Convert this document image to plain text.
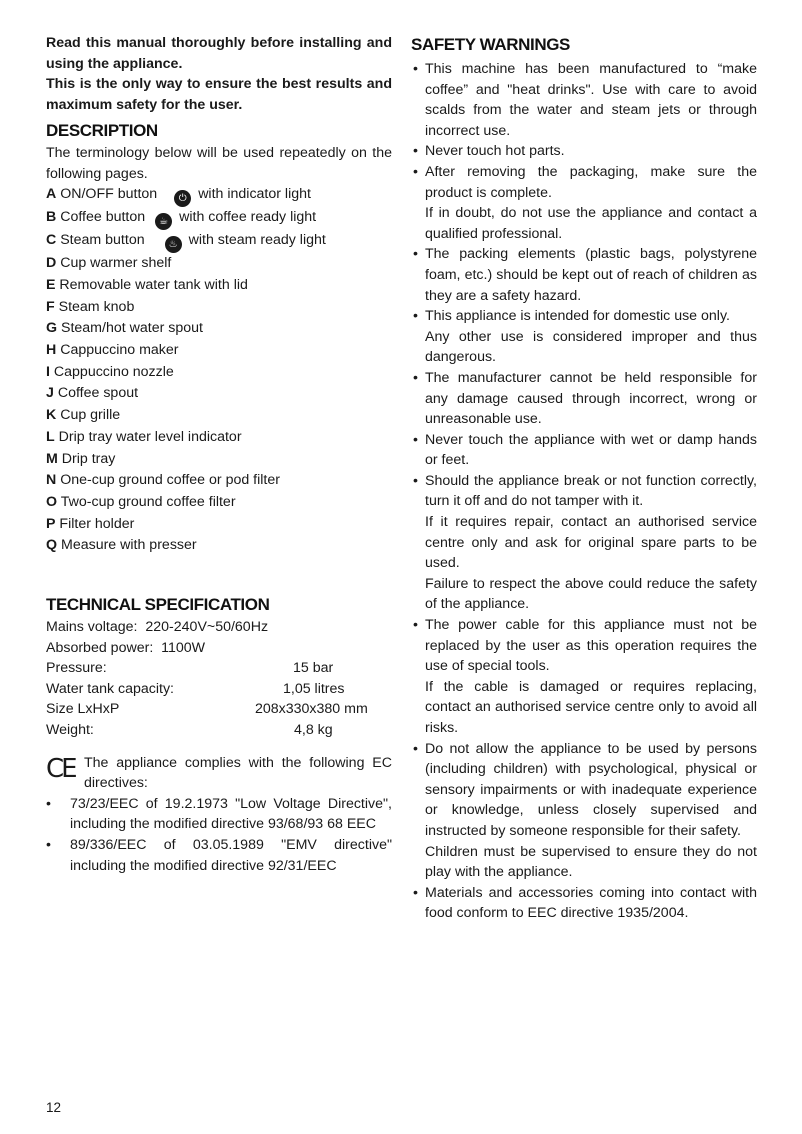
Read this manual thoroughly before installing and using the appliance.

This is the only way to ensure the best results and maximum safety for the user.

DESCRIPTION

The terminology below will be used repeatedly on the following pages.

A ON/OFF button ⏻ with indicator light
B Coffee button ☕ with coffee ready light
C Steam button ♨ with steam ready light
D Cup warmer shelf
E Removable water tank with lid
F Steam knob
G Steam/hot water spout
H Cappuccino maker
I Cappuccino nozzle
J Coffee spout
K Cup grille
L Drip tray water level indicator
M Drip tray
N One-cup ground coffee or pod filter
O Two-cup ground coffee filter
P Filter holder
Q Measure with presser
TECHNICAL SPECIFICATION
Mains voltage: 220-240V~50/60Hz
Absorbed power: 1100W
Pressure:	15 bar
Water tank capacity:	1,05 litres
Size LxHxP	208x330x380 mm
Weight:	4,8 kg
CE The appliance complies with the following EC directives:

• 73/23/EEC of 19.2.1973 "Low Voltage Directive", including the modified directive 93/68/93 68 EEC
• 89/336/EEC of 03.05.1989 "EMV directive" including the modified directive 92/31/EEC
SAFETY WARNINGS
• This machine has been manufactured to “make coffee” and "heat drinks". Use with care to avoid scalds from the water and steam jets or through incorrect use.
• Never touch hot parts.
• After removing the packaging, make sure the product is complete.
If in doubt, do not use the appliance and contact a qualified professional.
• The packing elements (plastic bags, polystyrene foam, etc.) should be kept out of reach of children as they are a safety hazard.
• This appliance is intended for domestic use only.
Any other use is considered improper and thus dangerous.
• The manufacturer cannot be held responsible for any damage caused through incorrect, wrong or unreasonable use.
• Never touch the appliance with wet or damp hands or feet.
• Should the appliance break or not function correctly, turn it off and do not tamper with it.
If it requires repair, contact an authorised service centre only and ask for original spare parts to be used.
Failure to respect the above could reduce the safety of the appliance.
• The power cable for this appliance must not be replaced by the user as this operation requires the use of special tools.
If the cable is damaged or requires replacing, contact an authorised service centre only to avoid all risks.
• Do not allow the appliance to be used by persons (including children) with psychological, physical or sensory impairments or with inadequate experience or knowledge, unless closely supervised and instructed by someone responsible for their safety.
Children must be supervised to ensure they do not play with the appliance.
• Materials and accessories coming into contact with food conform to EEC directive 1935/2004.
12
